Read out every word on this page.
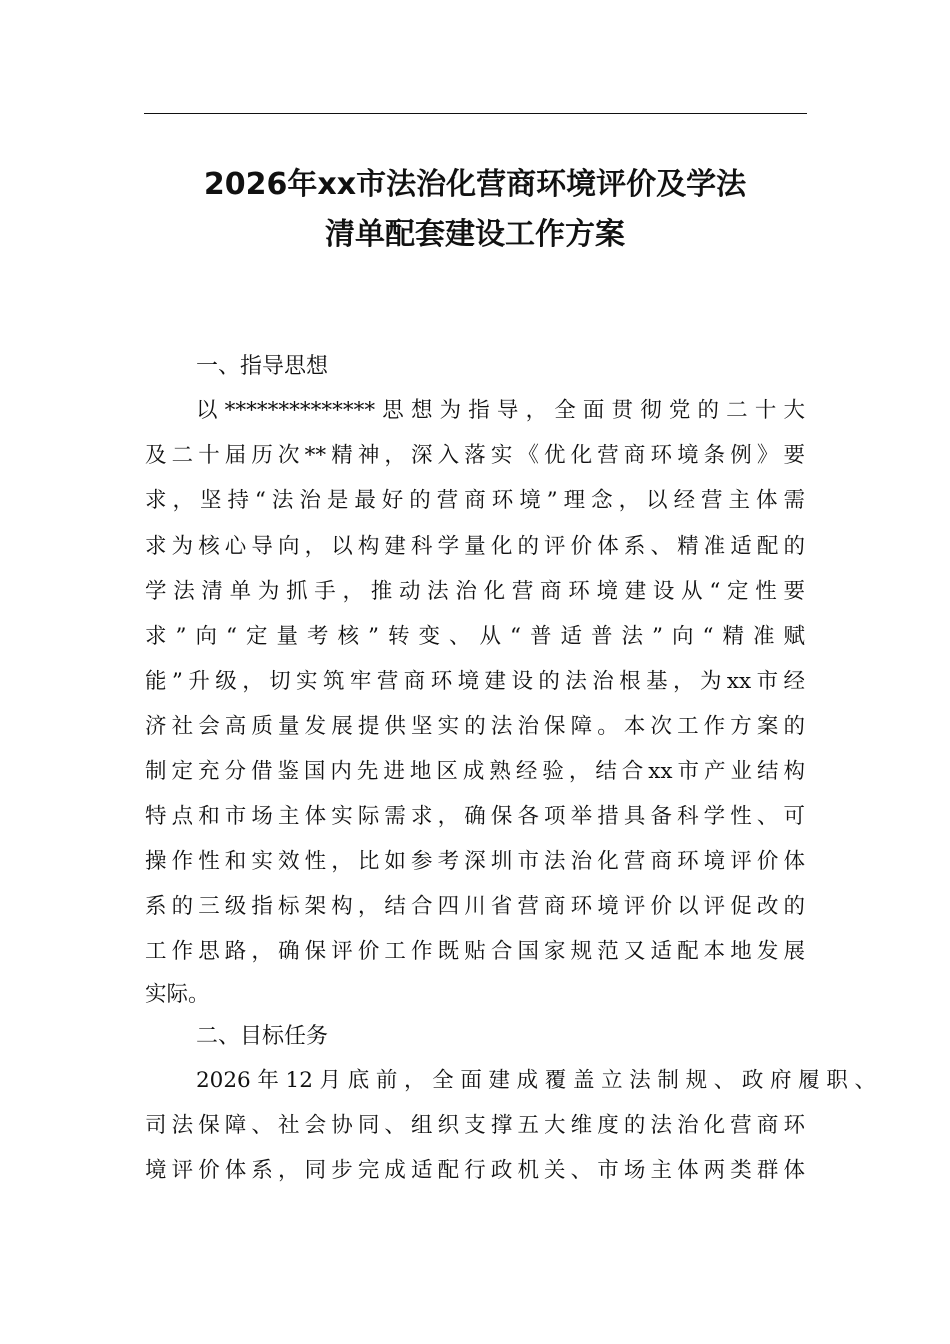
2026年xx市法治化营商环境评价及学法
清单配套建设工作方案
一、指导思想
以**************思想为指导，全面贯彻党的二十大
及二十届历次**精神，深入落实《优化营商环境条例》要
求，坚持“法治是最好的营商环境”理念，以经营主体需
求为核心导向，以构建科学量化的评价体系、精准适配的
学法清单为抓手，推动法治化营商环境建设从“定性要
求”向“定量考核”转变、从“普适普法”向“精准赋
能”升级，切实筑牢营商环境建设的法治根基，为xx市经
济社会高质量发展提供坚实的法治保障。本次工作方案的
制定充分借鉴国内先进地区成熟经验，结合xx市产业结构
特点和市场主体实际需求，确保各项举措具备科学性、可
操作性和实效性，比如参考深圳市法治化营商环境评价体
系的三级指标架构，结合四川省营商环境评价以评促改的
工作思路，确保评价工作既贴合国家规范又适配本地发展
实际。
二、目标任务
2026年12月底前，全面建成覆盖立法制规、政府履职、
司法保障、社会协同、组织支撑五大维度的法治化营商环
境评价体系，同步完成适配行政机关、市场主体两类群体
